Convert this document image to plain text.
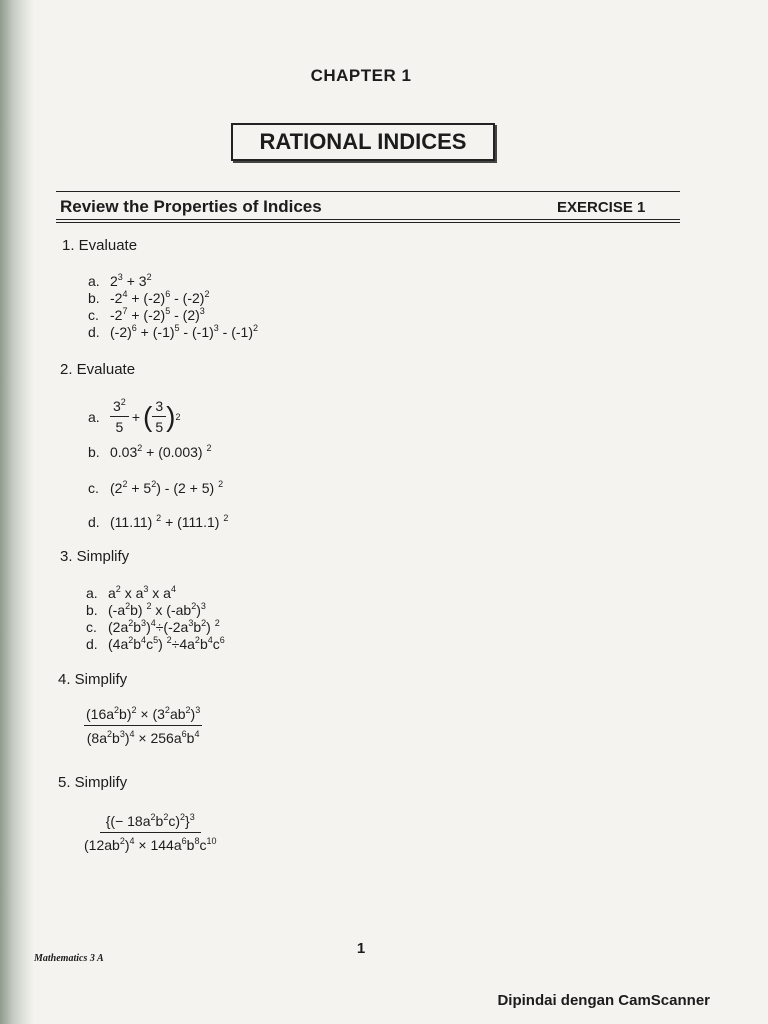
CHAPTER 1
RATIONAL INDICES
Review the Properties of Indices	EXERCISE 1
1. Evaluate
a. $2^3 + 3^2$
b. $-2^4 + (-2)^6 - (-2)^2$
c. $-2^7 + (-2)^5 - (2)^3$
d. $(-2)^6 + (-1)^5 - (-1)^3 - (-1)^2$
2. Evaluate
a. $\frac{3^2}{5}$ + ( $\frac{3}{5}$ ) 2
b. $0.03^2 + (0.003)$ $^2$
c. $(2^2 + 5^2) - (2 + 5)$ $^2$
d. (11.11) $^2$ + (111.1) $^2$
3. Simplify
a. $a^2$ x $a^3$ x $a^4$
b. $(-a^2b)$ $^2$ x $(-ab^2)^3$
c. $(2a^2b^3)^4\div(-2a^3b^2)$ $^2$
d. $(4a^2b^4c^5)$ $^2\div 4a^2b^4c^6$
4. Simplify
$\frac{(16a^2b)^2 \times (3^2ab^2)^3}{(8a^2b^3)^4 \times 256a^6b^4}$
5. Simplify
$\frac{\{(- 18a^2b^2c)^2\}^3}{(12ab^2)^4 \times 144a^6b^8c^{10}}$
1
Mathematics 3 A
Dipindai dengan CamScanner
